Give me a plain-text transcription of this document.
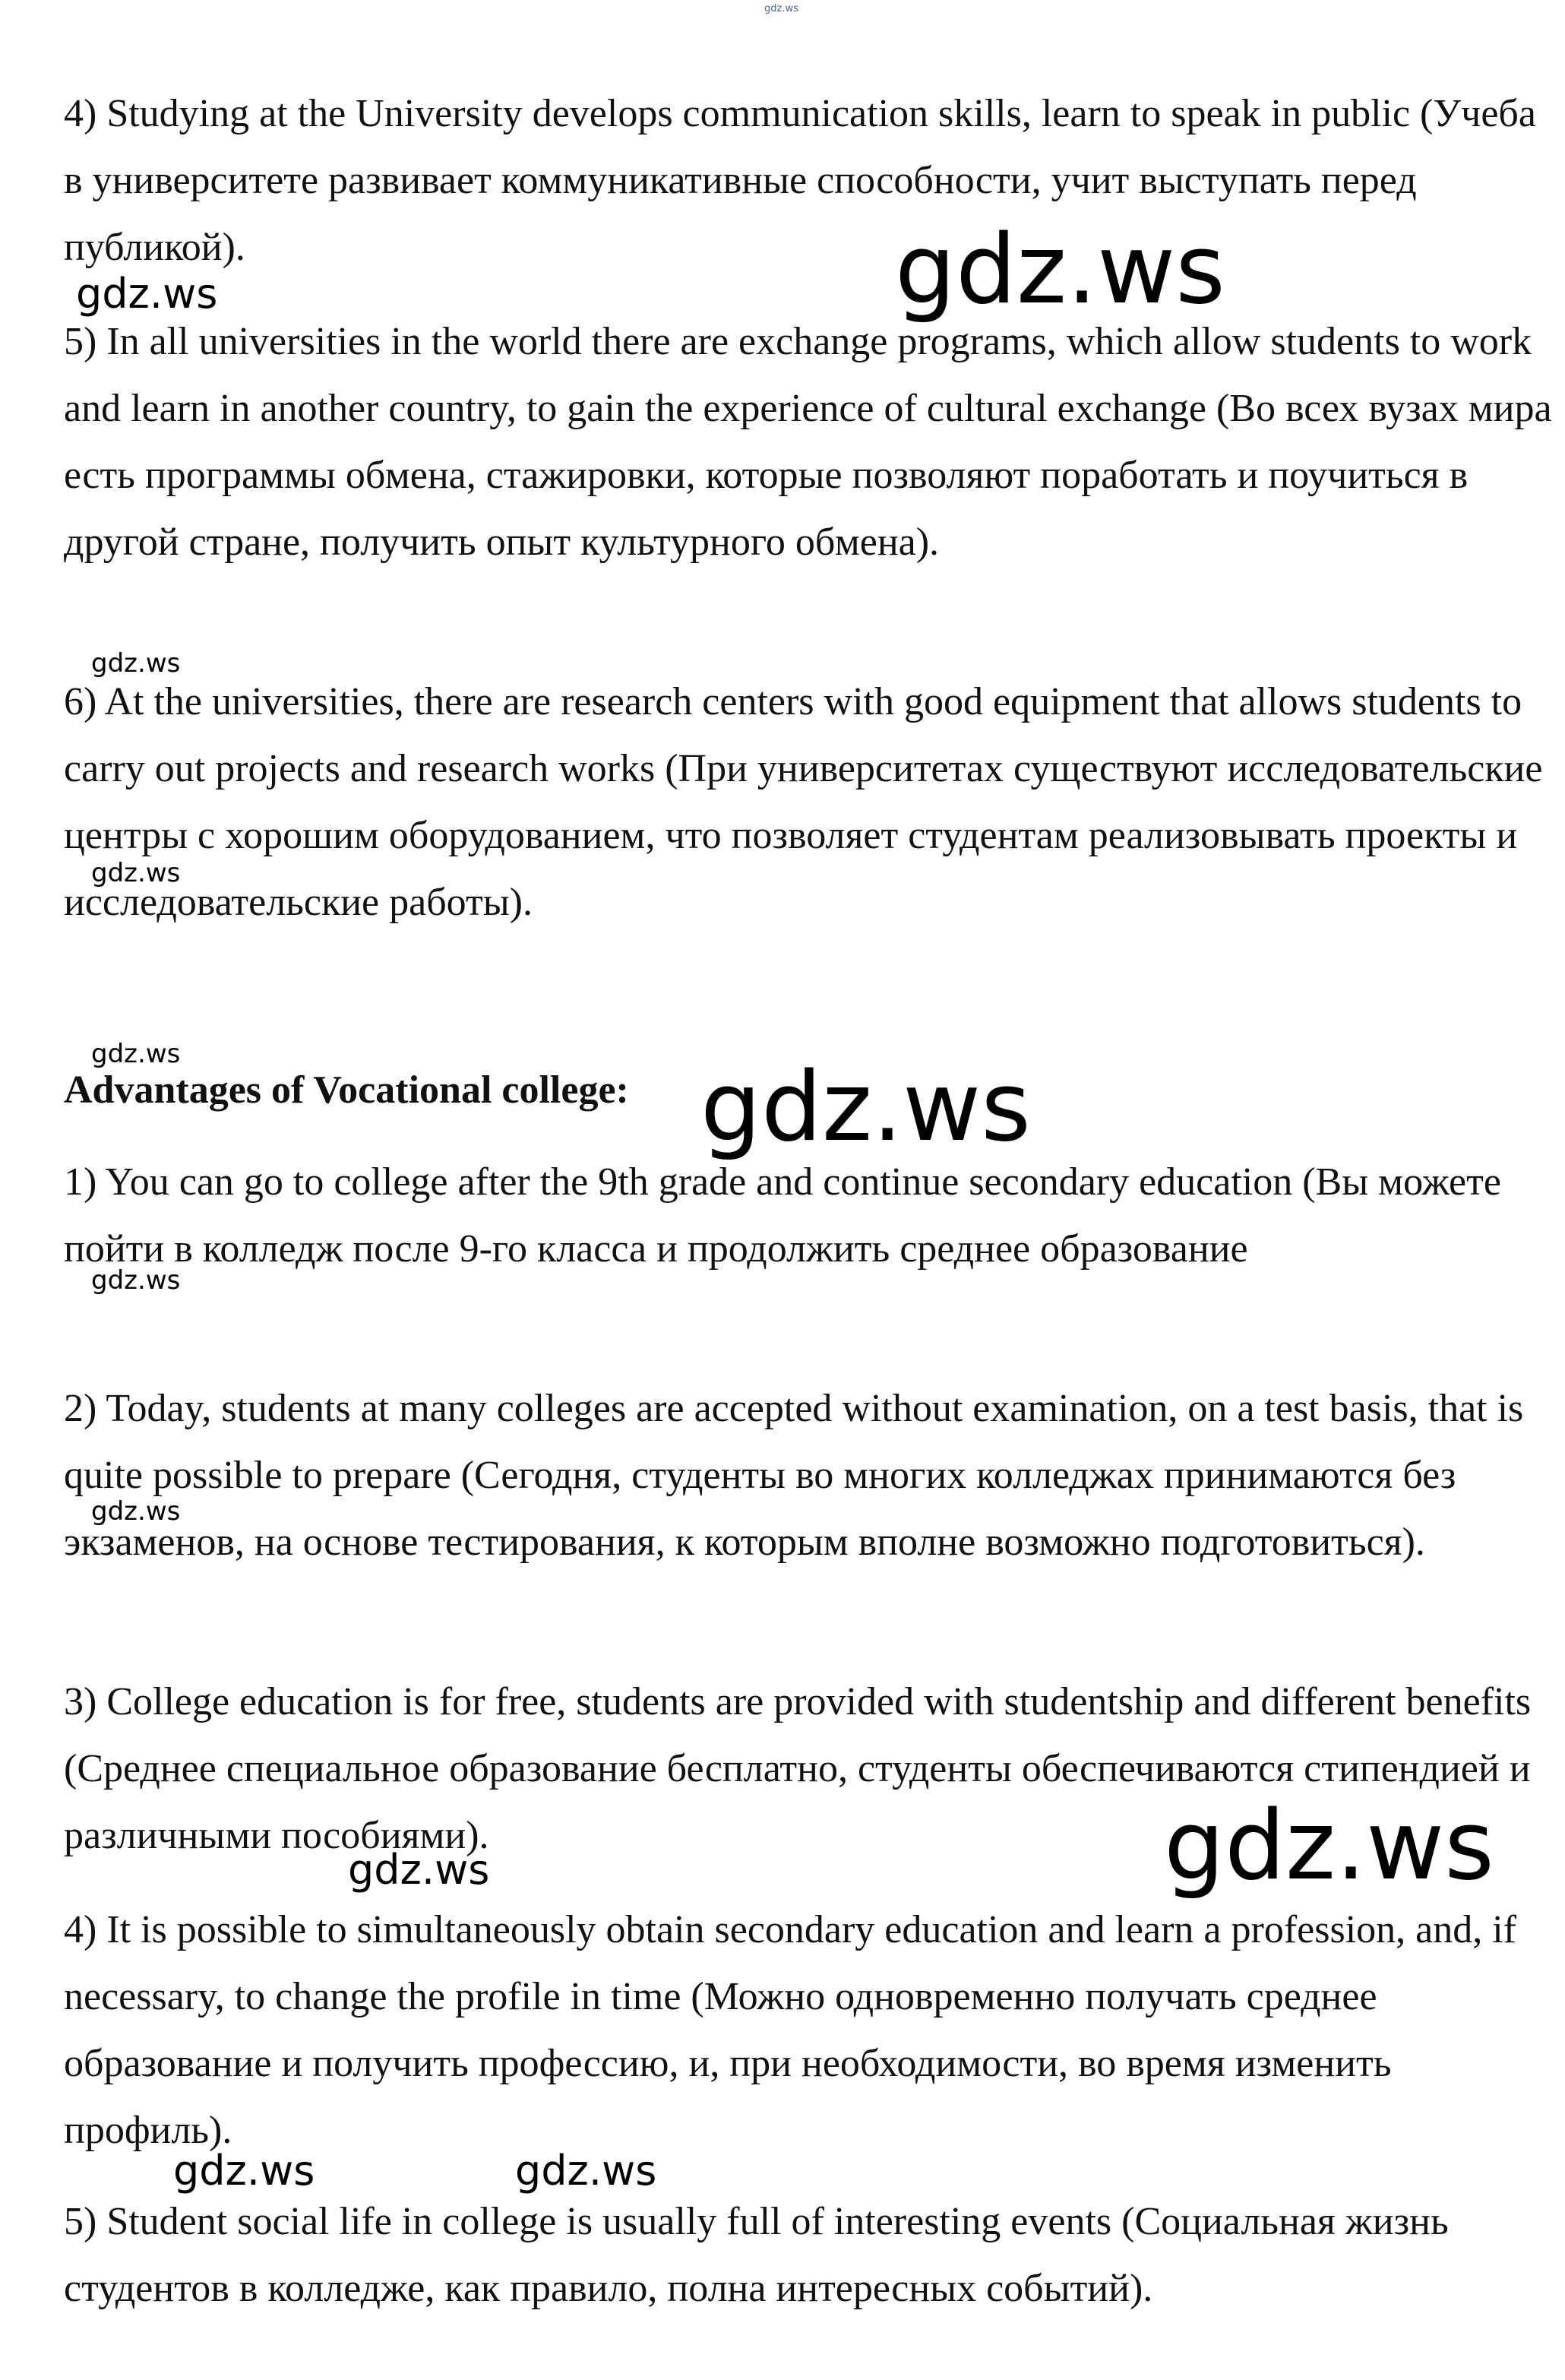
gdz.ws

4) Studying at the University develops communication skills, learn to speak in public (Учеба в университете развивает коммуникативные способности, учит выступать перед публикой).

5) In all universities in the world there are exchange programs, which allow students to work and learn in another country, to gain the experience of cultural exchange (Во всех вузах мира есть программы обмена, стажировки, которые позволяют поработать и поучиться в другой стране, получить опыт культурного обмена).

6) At the universities, there are research centers with good equipment that allows students to carry out projects and research works (При университетах существуют исследовательские центры с хорошим оборудованием, что позволяет студентам реализовывать проекты и исследовательские работы).

Advantages of Vocational college:

1) You can go to college after the 9th grade and continue secondary education (Вы можете пойти в колледж после 9-го класса и продолжить среднее образование

2) Today, students at many colleges are accepted without examination, on a test basis, that is quite possible to prepare (Сегодня, студенты во многих колледжах принимаются без экзаменов, на основе тестирования, к которым вполне возможно подготовиться).

3) College education is for free, students are provided with studentship and different benefits (Среднее специальное образование бесплатно, студенты обеспечиваются стипендией и различными пособиями).

4) It is possible to simultaneously obtain secondary education and learn a profession, and, if necessary, to change the profile in time (Можно одновременно получать среднее образование и получить профессию, и, при необходимости, во время изменить профиль).

5) Student social life in college is usually full of interesting events (Социальная жизнь студентов в колледже, как правило, полна интересных событий).

gdz.ws
gdz.ws
gdz.ws
gdz.ws
gdz.ws	gdz.ws
gdz.ws
gdz.ws
gdz.ws
gdz.ws
gdz.ws	gdz.ws
